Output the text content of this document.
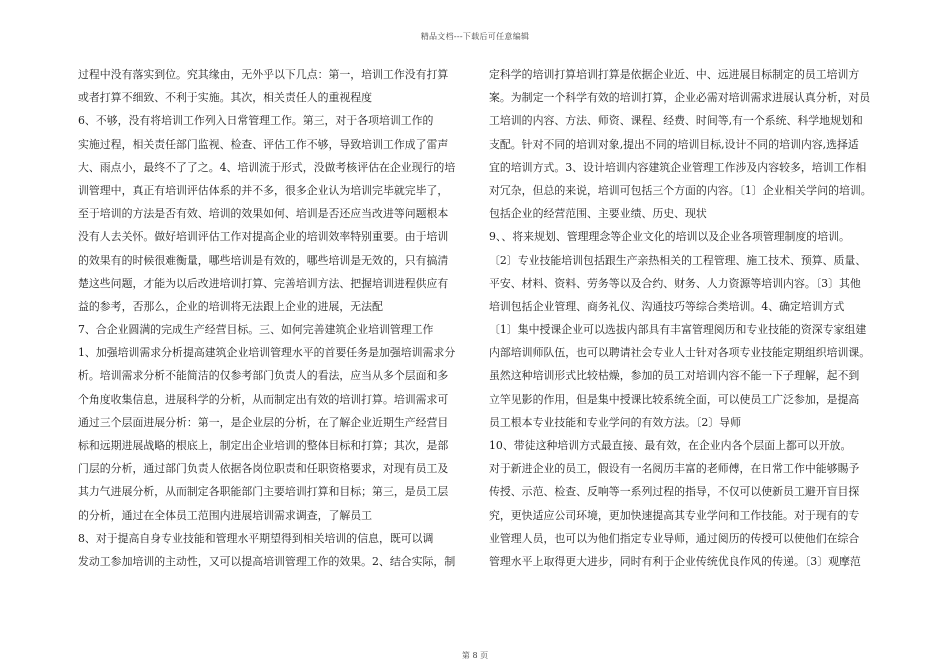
精品文档---下载后可任意编辑
过程中没有落实到位。究其缘由，无外乎以下几点：第一，培训工作没有打算
或者打算不细致、不利于实施。其次，相关责任人的重视程度
6、不够，没有将培训工作列入日常管理工作。第三，对于各项培训工作的
实施过程，相关责任部门监视、检查、评估工作不够，导致培训工作成了雷声
大、雨点小，最终不了了之。4、培训流于形式，没做考核评估在企业现行的培
训管理中，真正有培训评估体系的并不多，很多企业认为培训完毕就完毕了，
至于培训的方法是否有效、培训的效果如何、培训是否还应当改进等问题根本
没有人去关怀。做好培训评估工作对提高企业的培训效率特别重要。由于培训
的效果有的时候很难衡量，哪些培训是有效的，哪些培训是无效的，只有搞清
楚这些问题，才能为以后改进培训打算、完善培训方法、把握培训进程供应有
益的参考，否那么，企业的培训将无法跟上企业的进展，无法配
7、合企业圆满的完成生产经营目标。三、如何完善建筑企业培训管理工作
1、加强培训需求分析提高建筑企业培训管理水平的首要任务是加强培训需求分
析。培训需求分析不能简洁的仅参考部门负责人的看法，应当从多个层面和多
个角度收集信息，进展科学的分析，从而制定出有效的培训打算。培训需求可
通过三个层面进展分析：第一，是企业层的分析，在了解企业近期生产经营目
标和远期进展战略的根底上，制定出企业培训的整体目标和打算；其次，是部
门层的分析，通过部门负责人依据各岗位职责和任职资格要求，对现有员工及
其力气进展分析，从而制定各职能部门主要培训打算和目标；第三，是员工层
的分析，通过在全体员工范围内进展培训需求调查，了解员工
8、对于提高自身专业技能和管理水平期望得到相关培训的信息，既可以调
发动工参加培训的主动性，又可以提高培训管理工作的效果。2、结合实际，制
定科学的培训打算培训打算是依据企业近、中、远进展目标制定的员工培训方
案。为制定一个科学有效的培训打算，企业必需对培训需求进展认真分析，对员
工培训的内容、方法、师资、课程、经费、时间等,有一个系统、科学地规划和
支配。针对不同的培训对象,提出不同的培训目标,设计不同的培训内容,选择适
宜的培训方式。3、设计培训内容建筑企业管理工作涉及内容较多，培训工作相
对冗杂，但总的来说，培训可包括三个方面的内容。〔1〕企业相关学问的培训。
包括企业的经营范围、主要业绩、历史、现状
9、、将来规划、管理理念等企业文化的培训以及企业各项管理制度的培训。
〔2〕专业技能培训包括跟生产亲热相关的工程管理、施工技术、预算、质量、
平安、材料、资料、劳务等以及合约、财务、人力资源等培训内容。〔3〕其他
培训包括企业管理、商务礼仪、沟通技巧等综合类培训。4、确定培训方式
〔1〕集中授课企业可以选拔内部具有丰富管理阅历和专业技能的资深专家组建
内部培训师队伍，也可以聘请社会专业人士针对各项专业技能定期组织培训课。
虽然这种培训形式比较枯燥，参加的员工对培训内容不能一下子理解，起不到
立竿见影的作用，但是集中授课比较系统全面，可以使员工广泛参加，是提高
员工根本专业技能和专业学问的有效方法。〔2〕导师
10、带徒这种培训方式最直接、最有效，在企业内各个层面上都可以开放。
对于新进企业的员工，假设有一名阅历丰富的老师傅，在日常工作中能够賜予
传授、示范、检查、反响等一系列过程的指导，不仅可以使新员工避开盲目探
究，更快适应公司环境，更加快速提高其专业学问和工作技能。对于现有的专
业管理人员，也可以为他们指定专业导师，通过阅历的传授可以使他们在综合
管理水平上取得更大进步，同时有利于企业传统优良作风的传递。〔3〕观摩范
第 8 页
